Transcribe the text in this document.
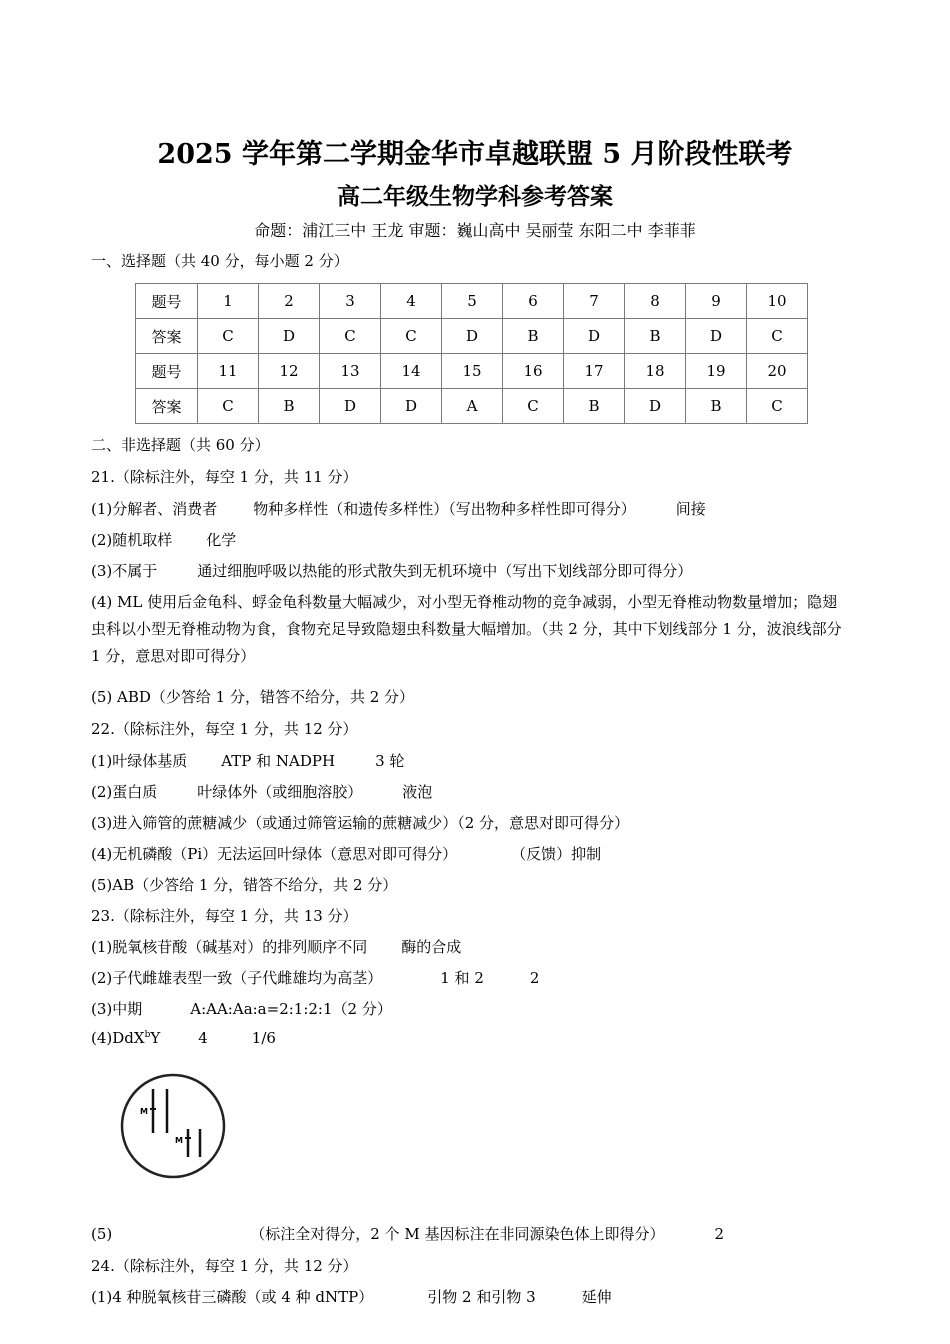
2025 学年第二学期金华市卓越联盟 5 月阶段性联考
高二年级生物学科参考答案
命题：浦江三中 王龙 审题：巍山高中 吴丽莹 东阳二中 李菲菲
一、选择题（共 40 分，每小题 2 分）
题号	1	2	3	4	5	6	7	8	9	10
答案	C	D	C	C	D	B	D	B	D	C
题号	11	12	13	14	15	16	17	18	19	20
答案	C	B	D	D	A	C	B	D	B	C
二、非选择题（共 60 分）
21.（除标注外，每空 1 分，共 11 分）
(1)分解者、消费者 物种多样性（和遗传多样性）（写出物种多样性即可得分）	间接
(2)随机取样 化学
(3)不属于	通过细胞呼吸以热能的形式散失到无机环境中（写出下划线部分即可得分）
(4) ML 使用后金龟科、蜉金龟科数量大幅减少，对小型无脊椎动物的竞争减弱，小型无脊椎动物数量增加；隐翅虫科以小型无脊椎动物为食，食物充足导致隐翅虫科数量大幅增加。（共 2 分，其中下划线部分 1 分，波浪线部分 1 分，意思对即可得分）
(5) ABD（少答给 1 分，错答不给分，共 2 分）
22.（除标注外，每空 1 分，共 12 分）
(1)叶绿体基质 ATP 和 NADPH	3 轮
(2)蛋白质	叶绿体外（或细胞溶胶）	液泡
(3)进入筛管的蔗糖减少（或通过筛管运输的蔗糖减少）（2 分，意思对即可得分）
(4)无机磷酸（Pi）无法运回叶绿体（意思对即可得分）	（反馈）抑制
(5)AB（少答给 1 分，错答不给分，共 2 分）
23.（除标注外，每空 1 分，共 13 分）
(1)脱氧核苷酸（碱基对）的排列顺序不同 酶的合成
(2)子代雌雄表型一致（子代雌雄均为高茎）	1 和 2	2
(3)中期	A:AA:Aa:a=2:1:2:1（2 分）
(4)DdX$^b$Y	4	1/6
M
M
(5)	（标注全对得分，2 个 M 基因标注在非同源染色体上即得分）	2
24.（除标注外，每空 1 分，共 12 分）
(1)4 种脱氧核苷三磷酸（或 4 种 dNTP）	引物 2 和引物 3	延伸
